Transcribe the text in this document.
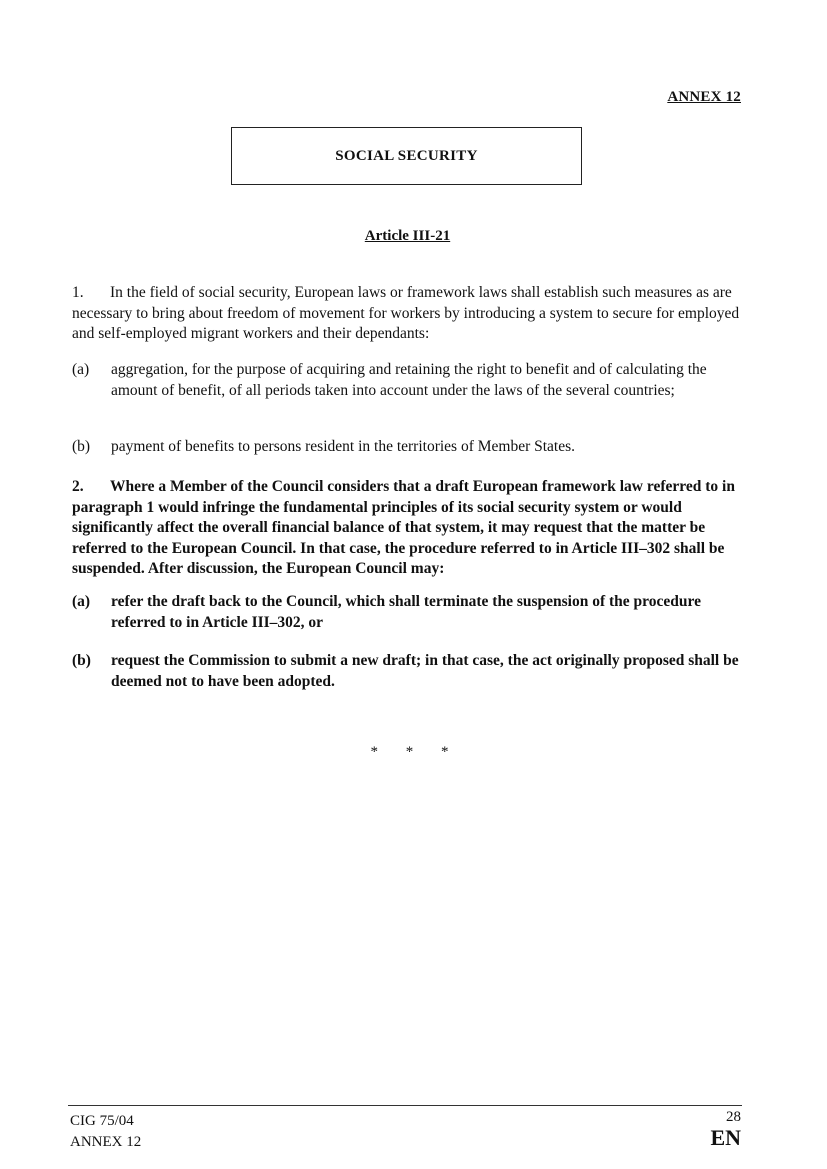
ANNEX 12
SOCIAL SECURITY
Article III-21
1. In the field of social security, European laws or framework laws shall establish such measures as are necessary to bring about freedom of movement for workers by introducing a system to secure for employed and self-employed migrant workers and their dependants:
(a)	aggregation, for the purpose of acquiring and retaining the right to benefit and of calculating the amount of benefit, of all periods taken into account under the laws of the several countries;
(b)	payment of benefits to persons resident in the territories of Member States.
2. Where a Member of the Council considers that a draft European framework law referred to in paragraph 1 would infringe the fundamental principles of its social security system or would significantly affect the overall financial balance of that system, it may request that the matter be referred to the European Council. In that case, the procedure referred to in Article III–302 shall be suspended. After discussion, the European Council may:
(a)	refer the draft back to the Council, which shall terminate the suspension of the procedure referred to in Article III–302, or
(b)	request the Commission to submit a new draft; in that case, the act originally proposed shall be deemed not to have been adopted.
* * *
CIG 75/04
ANNEX 12
28
EN
